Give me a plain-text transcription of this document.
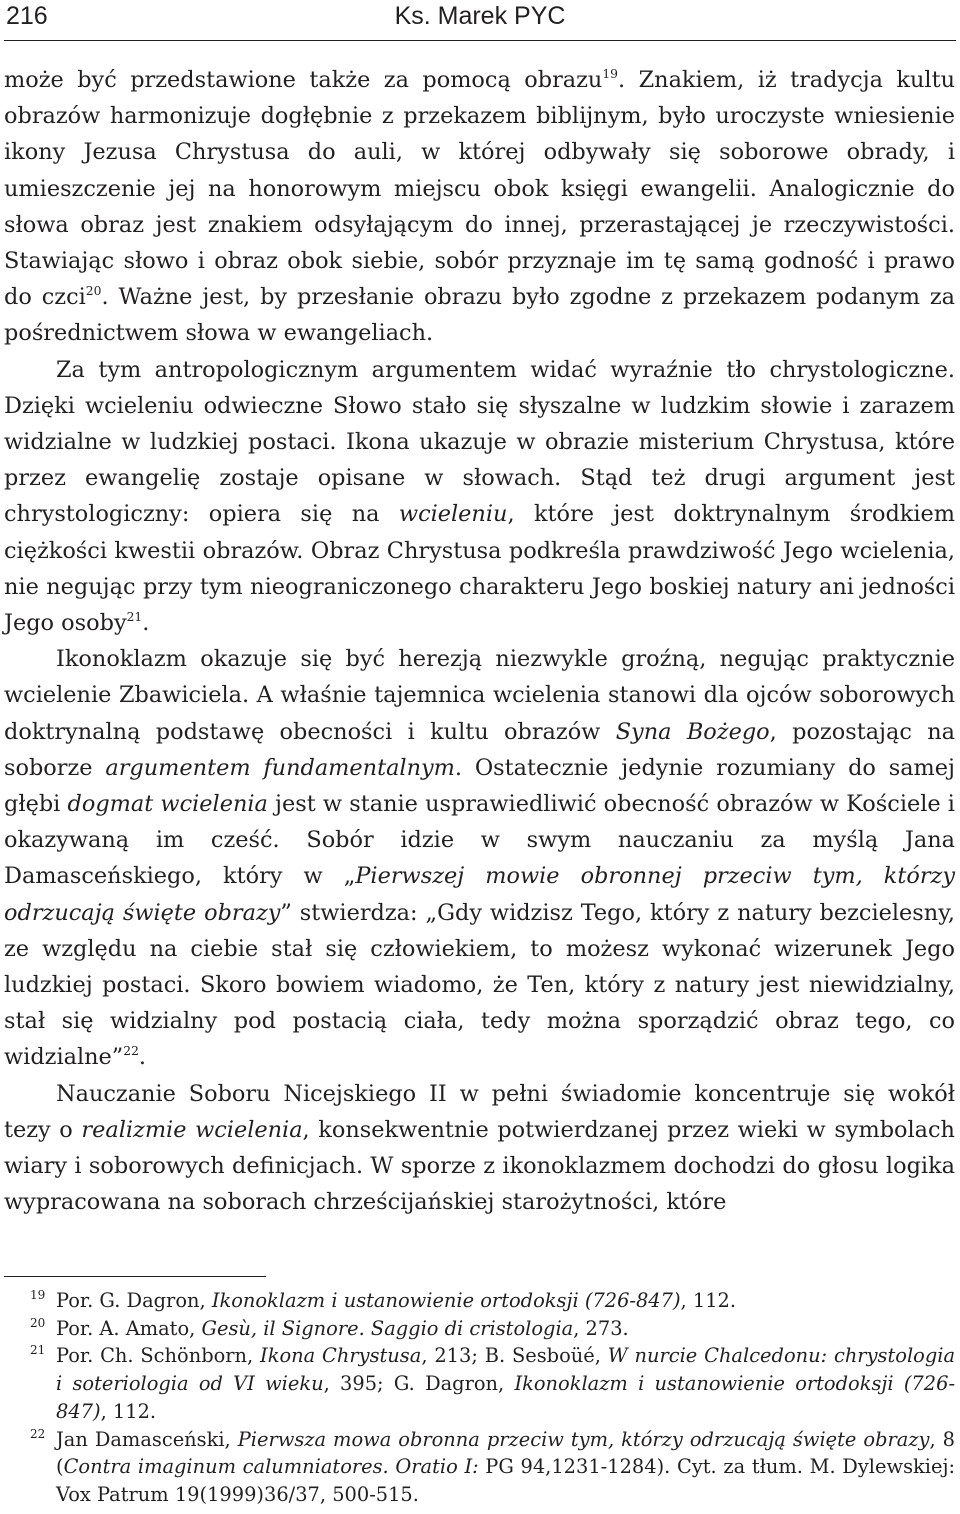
216	Ks. Marek PYC

może być przedstawione także za pomocą obrazu$^{19}$. Znakiem, iż tradycja kultu obrazów harmonizuje dogłębnie z przekazem biblijnym, było uroczyste wniesienie ikony Jezusa Chrystusa do auli, w której odbywały się soborowe obrady, i umieszczenie jej na honorowym miejscu obok księgi ewangelii. Analogicznie do słowa obraz jest znakiem odsyłającym do innej, przerastającej je rzeczywistości. Stawiając słowo i obraz obok siebie, sobór przyznaje im tę samą godność i prawo do czci$^{20}$. Ważne jest, by przesłanie obrazu było zgodne z przekazem podanym za pośrednictwem słowa w ewangeliach.

Za tym antropologicznym argumentem widać wyraźnie tło chrystologiczne. Dzięki wcieleniu odwieczne Słowo stało się słyszalne w ludzkim słowie i zarazem widzialne w ludzkiej postaci. Ikona ukazuje w obrazie misterium Chrystusa, które przez ewangelię zostaje opisane w słowach. Stąd też drugi argument jest chrystologiczny: opiera się na wcieleniu, które jest doktrynalnym środkiem ciężkości kwestii obrazów. Obraz Chrystusa podkreśla prawdziwość Jego wcielenia, nie negując przy tym nieograniczonego charakteru Jego boskiej natury ani jedności Jego osoby$^{21}$.

Ikonoklazm okazuje się być herezją niezwykle groźną, negując praktycznie wcielenie Zbawiciela. A właśnie tajemnica wcielenia stanowi dla ojców soborowych doktrynalną podstawę obecności i kultu obrazów Syna Bożego, pozostając na soborze argumentem fundamentalnym. Ostatecznie jedynie rozumiany do samej głębi dogmat wcielenia jest w stanie usprawiedliwić obecność obrazów w Kościele i okazywaną im cześć. Sobór idzie w swym nauczaniu za myślą Jana Damasceńskiego, który w „Pierwszej mowie obronnej przeciw tym, którzy odrzucają święte obrazy” stwierdza: „Gdy widzisz Tego, który z natury bezcielesny, ze względu na ciebie stał się człowiekiem, to możesz wykonać wizerunek Jego ludzkiej postaci. Skoro bowiem wiadomo, że Ten, który z natury jest niewidzialny, stał się widzialny pod postacią ciała, tedy można sporządzić obraz tego, co widzialne”$^{22}$.

Nauczanie Soboru Nicejskiego II w pełni świadomie koncentruje się wokół tezy o realizmie wcielenia, konsekwentnie potwierdzanej przez wieki w symbolach wiary i soborowych definicjach. W sporze z ikonoklazmem dochodzi do głosu logika wypracowana na soborach chrześcijańskiej starożytności, które

19 Por. G. Dagron, Ikonoklazm i ustanowienie ortodoksji (726-847), 112.
20 Por. A. Amato, Gesù, il Signore. Saggio di cristologia, 273.
21 Por. Ch. Schönborn, Ikona Chrystusa, 213; B. Sesboüé, W nurcie Chalcedonu: chrystologia i soteriologia od VI wieku, 395; G. Dagron, Ikonoklazm i ustanowienie ortodoksji (726-847), 112.
22 Jan Damasceński, Pierwsza mowa obronna przeciw tym, którzy odrzucają święte obrazy, 8 (Contra imaginum calumniatores. Oratio I: PG 94,1231-1284). Cyt. za tłum. M. Dylewskiej: Vox Patrum 19(1999)36/37, 500-515.
